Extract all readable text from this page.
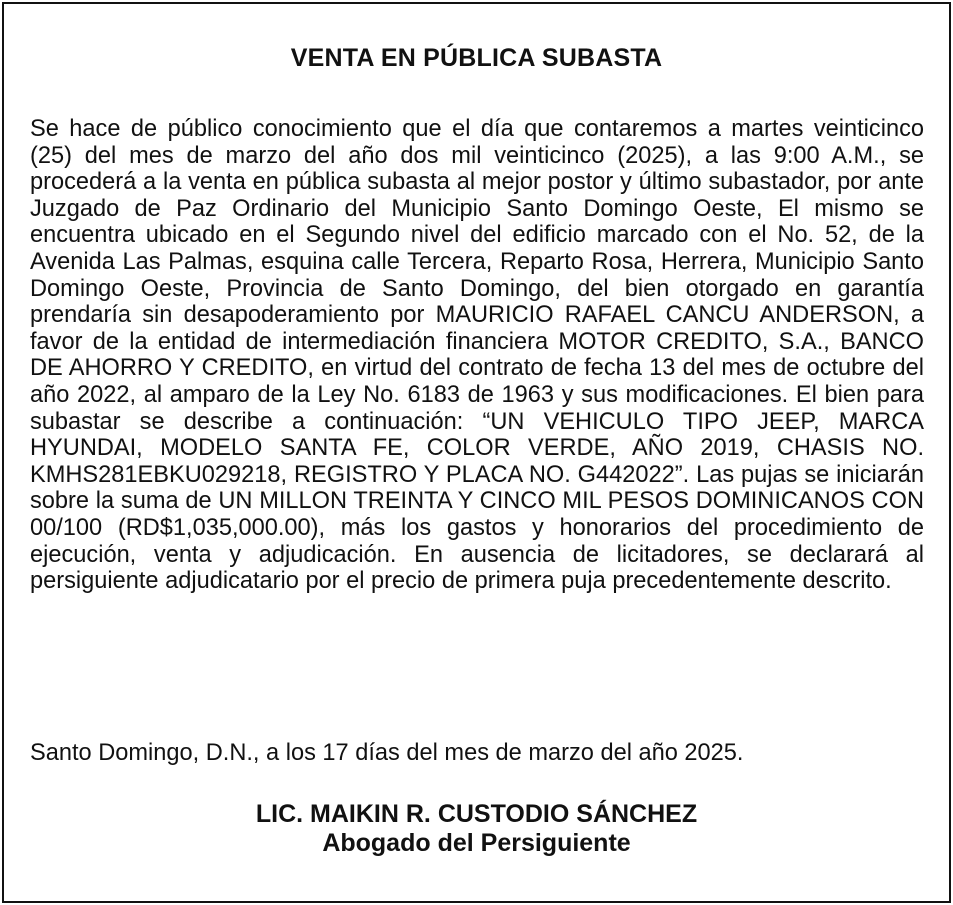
VENTA EN PÚBLICA SUBASTA

Se hace de público conocimiento que el día que contaremos a martes veinticinco (25) del mes de marzo del año dos mil veinticinco (2025), a las 9:00 A.M., se procederá a la venta en pública subasta al mejor postor y último subastador, por ante Juzgado de Paz Ordinario del Municipio Santo Domingo Oeste, El mismo se encuentra ubicado en el Segundo nivel del edificio marcado con el No. 52, de la Avenida Las Palmas, esquina calle Tercera, Reparto Rosa, Herrera, Municipio Santo Domingo Oeste, Provincia de Santo Domingo, del bien otorgado en garantía prendaría sin desapoderamiento por MAURICIO RAFAEL CANCU ANDERSON, a favor de la entidad de intermediación financiera MOTOR CREDITO, S.A., BANCO DE AHORRO Y CREDITO, en virtud del contrato de fecha 13 del mes de octubre del año 2022, al amparo de la Ley No. 6183 de 1963 y sus modificaciones. El bien para subastar se describe a continuación: “UN VEHICULO TIPO JEEP, MARCA HYUNDAI, MODELO SANTA FE, COLOR VERDE, AÑO 2019, CHASIS NO. KMHS281EBKU029218, REGISTRO Y PLACA NO. G442022”. Las pujas se iniciarán sobre la suma de UN MILLON TREINTA Y CINCO MIL PESOS DOMINICANOS CON 00/100 (RD$1,035,000.00), más los gastos y honorarios del procedimiento de ejecución, venta y adjudicación. En ausencia de licitadores, se declarará al persiguiente adjudicatario por el precio de primera puja precedentemente descrito.

Santo Domingo, D.N., a los 17 días del mes de marzo del año 2025.

LIC. MAIKIN R. CUSTODIO SÁNCHEZ

Abogado del Persiguiente
